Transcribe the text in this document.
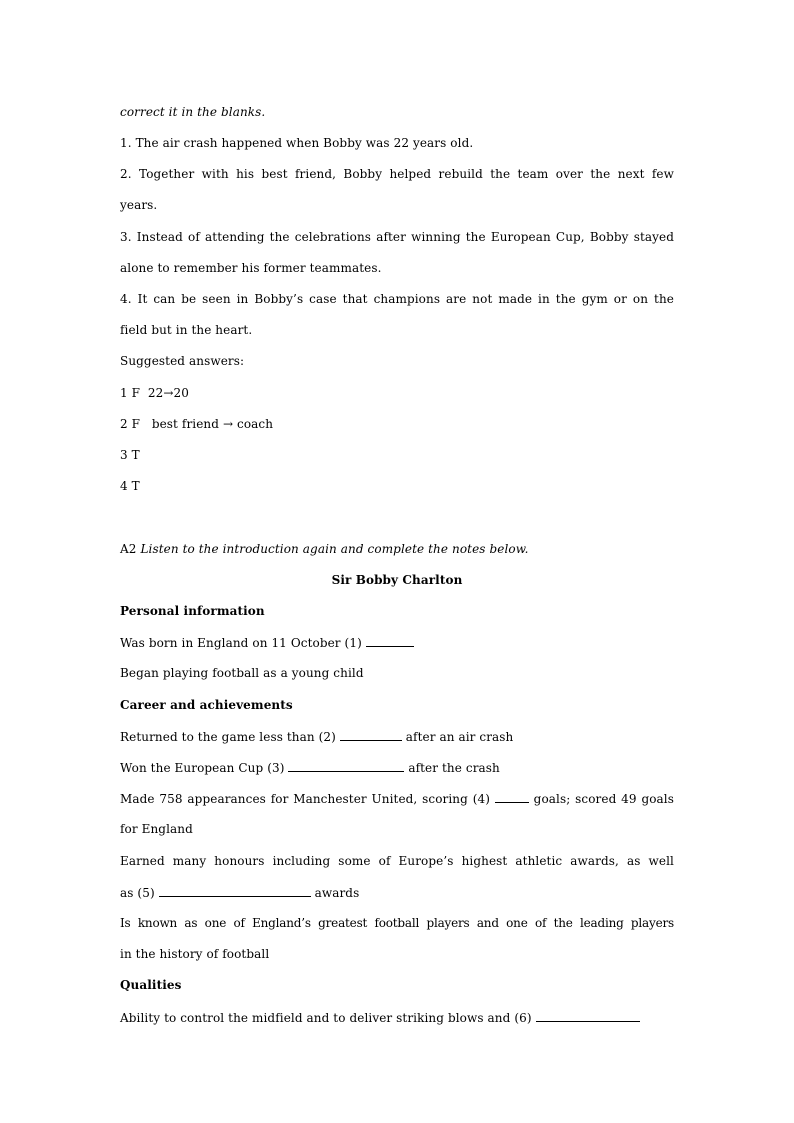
correct it in the blanks.
1. The air crash happened when Bobby was 22 years old.
2. Together with his best friend, Bobby helped rebuild the team over the next few
years.
3. Instead of attending the celebrations after winning the European Cup, Bobby stayed
alone to remember his former teammates.
4. It can be seen in Bobby’s case that champions are not made in the gym or on the
field but in the heart.
Suggested answers:
1 F  22→20
2 F   best friend → coach
3 T
4 T
A2 Listen to the introduction again and complete the notes below.
Sir Bobby Charlton
Personal information
Was born in England on 11 October (1)
Began playing football as a young child
Career and achievements
Returned to the game less than (2)	after an air crash
Won the European Cup (3)	after the crash
Made 758 appearances for Manchester United, scoring (4)	goals; scored 49 goals
for England
Earned many honours including some of Europe’s highest athletic awards, as well
as (5)	awards
Is known as one of England’s greatest football players and one of the leading players
in the history of football
Qualities
Ability to control the midfield and to deliver striking blows and (6)
